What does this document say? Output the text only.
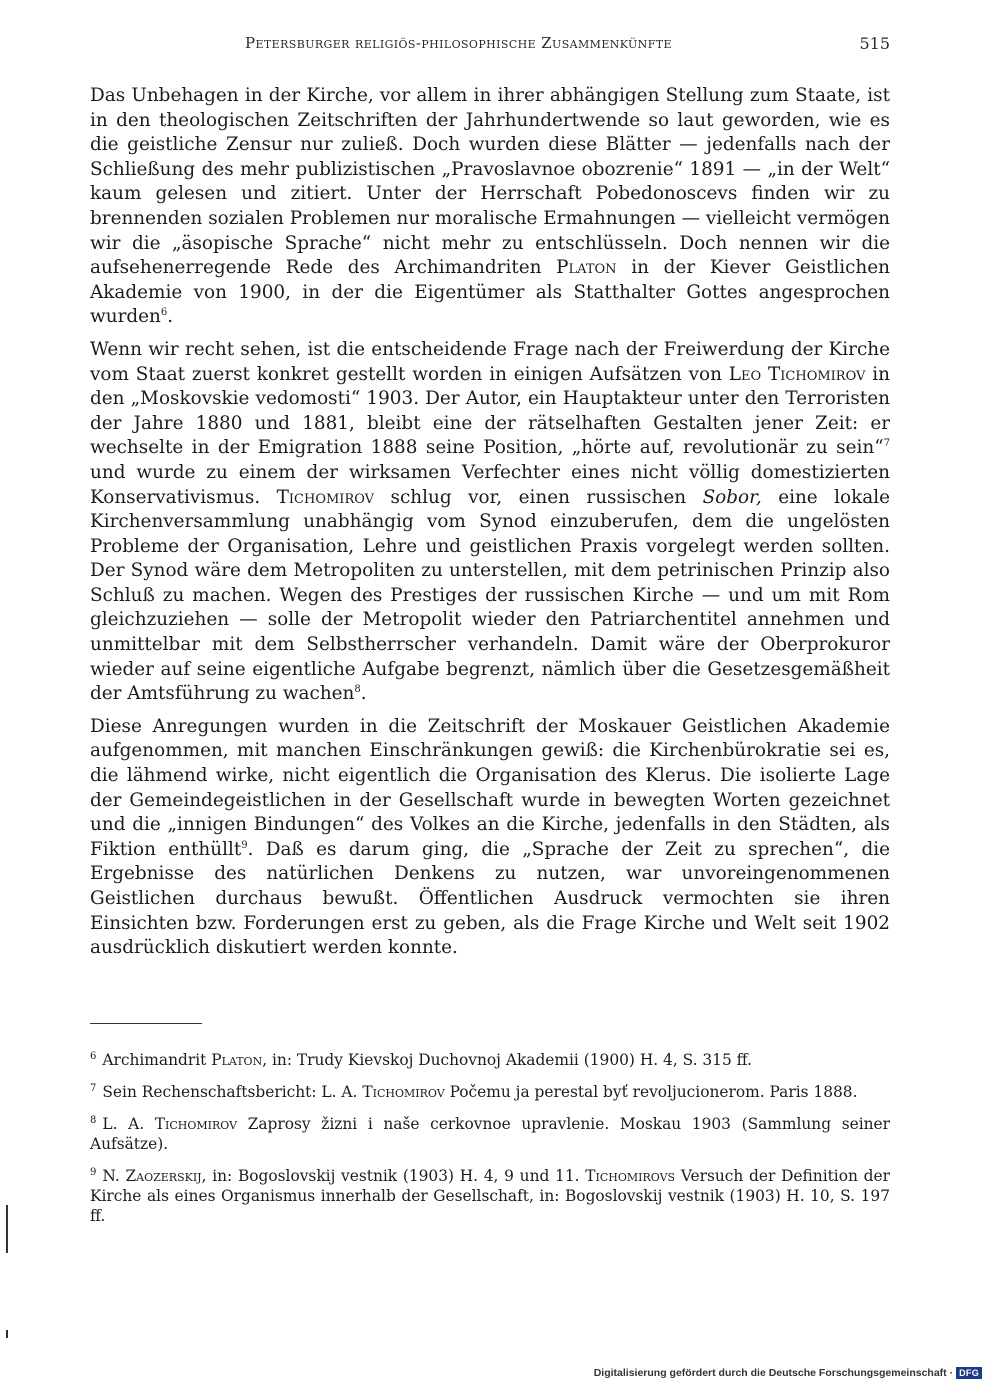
Petersburger religiös-philosophische Zusammenkünfte	515

Das Unbehagen in der Kirche, vor allem in ihrer abhängigen Stellung zum Staate, ist in den theologischen Zeitschriften der Jahrhundertwende so laut geworden, wie es die geistliche Zensur nur zuließ. Doch wurden diese Blätter — jedenfalls nach der Schließung des mehr publizistischen „Pravoslavnoe obozrenie“ 1891 — „in der Welt“ kaum gelesen und zitiert. Unter der Herrschaft Pobedonoscevs finden wir zu brennenden sozialen Problemen nur moralische Ermahnungen — vielleicht vermögen wir die „äsopische Sprache“ nicht mehr zu entschlüsseln. Doch nennen wir die aufsehenerregende Rede des Archimandriten Platon in der Kiever Geistlichen Akademie von 1900, in der die Eigentümer als Statthalter Gottes angesprochen wurden$^6$.

Wenn wir recht sehen, ist die entscheidende Frage nach der Freiwerdung der Kirche vom Staat zuerst konkret gestellt worden in einigen Aufsätzen von Leo Tichomirov in den „Moskovskie vedomosti“ 1903. Der Autor, ein Hauptakteur unter den Terroristen der Jahre 1880 und 1881, bleibt eine der rätselhaften Gestalten jener Zeit: er wechselte in der Emigration 1888 seine Position, „hörte auf, revolutionär zu sein“$^7$ und wurde zu einem der wirksamen Verfechter eines nicht völlig domestizierten Konservativismus. Tichomirov schlug vor, einen russischen Sobor, eine lokale Kirchenversammlung unabhängig vom Synod einzuberufen, dem die ungelösten Probleme der Organisation, Lehre und geistlichen Praxis vorgelegt werden sollten. Der Synod wäre dem Metropoliten zu unterstellen, mit dem petrinischen Prinzip also Schluß zu machen. Wegen des Prestiges der russischen Kirche — und um mit Rom gleichzuziehen — solle der Metropolit wieder den Patriarchentitel annehmen und unmittelbar mit dem Selbstherrscher verhandeln. Damit wäre der Oberprokuror wieder auf seine eigentliche Aufgabe begrenzt, nämlich über die Gesetzesgemäßheit der Amtsführung zu wachen$^8$.

Diese Anregungen wurden in die Zeitschrift der Moskauer Geistlichen Akademie aufgenommen, mit manchen Einschränkungen gewiß: die Kirchenbürokratie sei es, die lähmend wirke, nicht eigentlich die Organisation des Klerus. Die isolierte Lage der Gemeindegeistlichen in der Gesellschaft wurde in bewegten Worten gezeichnet und die „innigen Bindungen“ des Volkes an die Kirche, jedenfalls in den Städten, als Fiktion enthüllt$^9$. Daß es darum ging, die „Sprache der Zeit zu sprechen“, die Ergebnisse des natürlichen Denkens zu nutzen, war unvoreingenommenen Geistlichen durchaus bewußt. Öffentlichen Ausdruck vermochten sie ihren Einsichten bzw. Forderungen erst zu geben, als die Frage Kirche und Welt seit 1902 ausdrücklich diskutiert werden konnte.

$^6$ Archimandrit Platon, in: Trudy Kievskoj Duchovnoj Akademii (1900) H. 4, S. 315 ff.

$^7$ Sein Rechenschaftsbericht: L. A. Tichomirov Počemu ja perestal byť revoljucionerom. Paris 1888.

$^8$ L. A. Tichomirov Zaprosy žizni i naše cerkovnoe upravlenie. Moskau 1903 (Sammlung seiner Aufsätze).

$^9$ N. Zaozerskij, in: Bogoslovskij vestnik (1903) H. 4, 9 und 11. Tichomirovs Versuch der Definition der Kirche als eines Organismus innerhalb der Gesellschaft, in: Bogoslovskij vestnik (1903) H. 10, S. 197 ff.

Digitalisierung gefördert durch die Deutsche Forschungsgemeinschaft · DFG
